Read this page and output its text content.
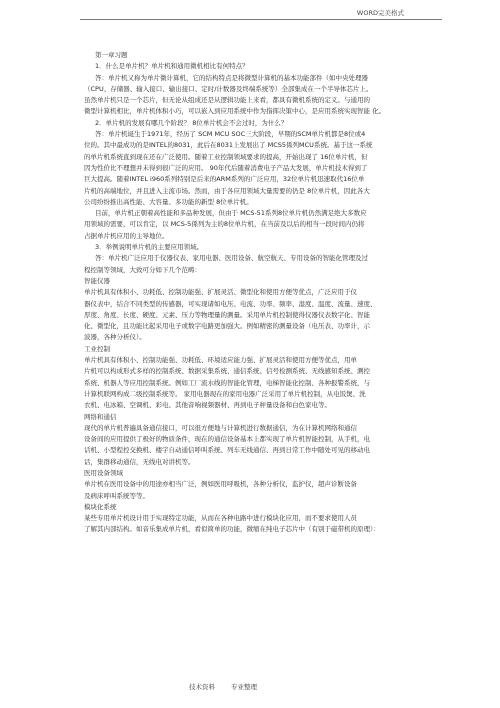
WORD完美格式
第一章习题
1．什么是单片机？单片机和通用微机相比有何特点？
答：单片机又称为单片微计算机，它的结构特点是将微型计算机的基本功能部件（如中央处理器
（CPU、存储器、输入接口、输出接口、定时/计数器及终端系统等）全部集成在一个半导体芯片上。
虽然单片机只是一个芯片，但无论从组成还是从逻辑功能上来看，都具有微机系统的定义。与通用的
微型计算机相比，单片机体积小巧，可以嵌入到应用系统中作为指挥决策中心，是应用系统实现智能 化。
2．单片机的发展有哪几个阶段？ 8位单片机会不会过时，为什么？
答：单片机诞生于1971年，经历了 SCM MCU SOC三大阶段，早期的SCM单片机都是8位或4
位的。其中最成功的是INTEL的8031，此后在8031上发展出了 MCS5係列MCU系统。基于这一系统
的单片机系统直到现在还在广泛使用。随着工业控制领域要求的提高，开始出现了 16位单片机，但
因为性价比不理想并未得到很广泛的应用。 90年代后随着消费电子产品大发展，单片机技术得到了
巨大提高。随着INTEL i960系列特别是后来的ARM系列的广泛应用，32位单片机迅速取代16位单
片机的高端地位，并且进入主流市场。然而，由于各应用领域大量需要的仍是 8位单片机，因此各大
公司纷纷推出高性能、大容量、多功能的新型 8位单片机。
目前，单片机正朝着高性能和多品种发展，但由于 MCS-51系列8位单片机仍然满足绝大多数应
用领域的需要，可以肯定，以 MCS-5係列为主的8位单片机，在当前及以后的相当一段时间内仍将
占据单片机应用的主导地位。
3．举例说明单片机的主要应用领域。
答：单片机广泛应用于仪器仪表、家用电器、医用设备、航空航天、专用设备的智能化管理及过
程控制等领域，大致可分如下几个范畴：
智能仪器
单片机具有体积小、功耗低、控制功能强、扩展灵活、微型化和使用方便等优点，广泛应用于仪
器仪表中，结合不同类型的传感器，可实现诸如电压、电流、功率、频率、湿度、温度、流量、速度、
厚度、角度、长度、硬度、元素、压力等物理量的测量。采用单片机控制使得仪器仪表数字化、智能
化、微型化，且功能比起采用电子或数字电路更加强大。例如精密的测量设备（电压表、功率计，示
波器，各种分析仪）。
工业控制
单片机具有体积小、控制功能强、功耗低、环境适应能力强、扩展灵活和使用方便等优点，用单
片机可以构成形式多样的控制系统、数据采集系统、通信系统、信号检测系统、无线感知系统、测控
系统、机器人等应用控制系统。例如工厂流水线的智能化管理，电梯智能化控制、各种报警系统，与
计算机联网构成二级控制系统等。 家用电器现在的家用电器广泛采用了单片机控制，从电饭煲、洗
衣机、电冰箱、空调机、彩电、其他音响视频器材、再到电子秤量设备和白色家电等。
网络和通信
现代的单片机普遍具备通信接口，可以很方便地与计算机进行数据通信，为在计算机网络和通信
设备间的应用提供了极好的物质条件，现在的通信设备基本上都实现了单片机智能控制，从手机，电
话机、小型程控交换机、楼宇自动通信呼叫系统、列车无线通信、再到日常工作中随处可见的移动电
话，集群移动通信，无线电对讲机等。
医用设备领域
单片机在医用设备中的用途亦相当广泛，例如医用呼吸机，各种分析仪，监护仪，超声诊断设备
及病床呼叫系统等等。
模块化系统
某些专用单片机设计用于实现特定功能，从而在各种电路中进行模块化应用，而不要求使用人员
了解其内部结构。如音乐集成单片机，看似简单的功能，微缩在纯电子芯片中（有别于磁带机的原理）：
技术资料 专业整理
